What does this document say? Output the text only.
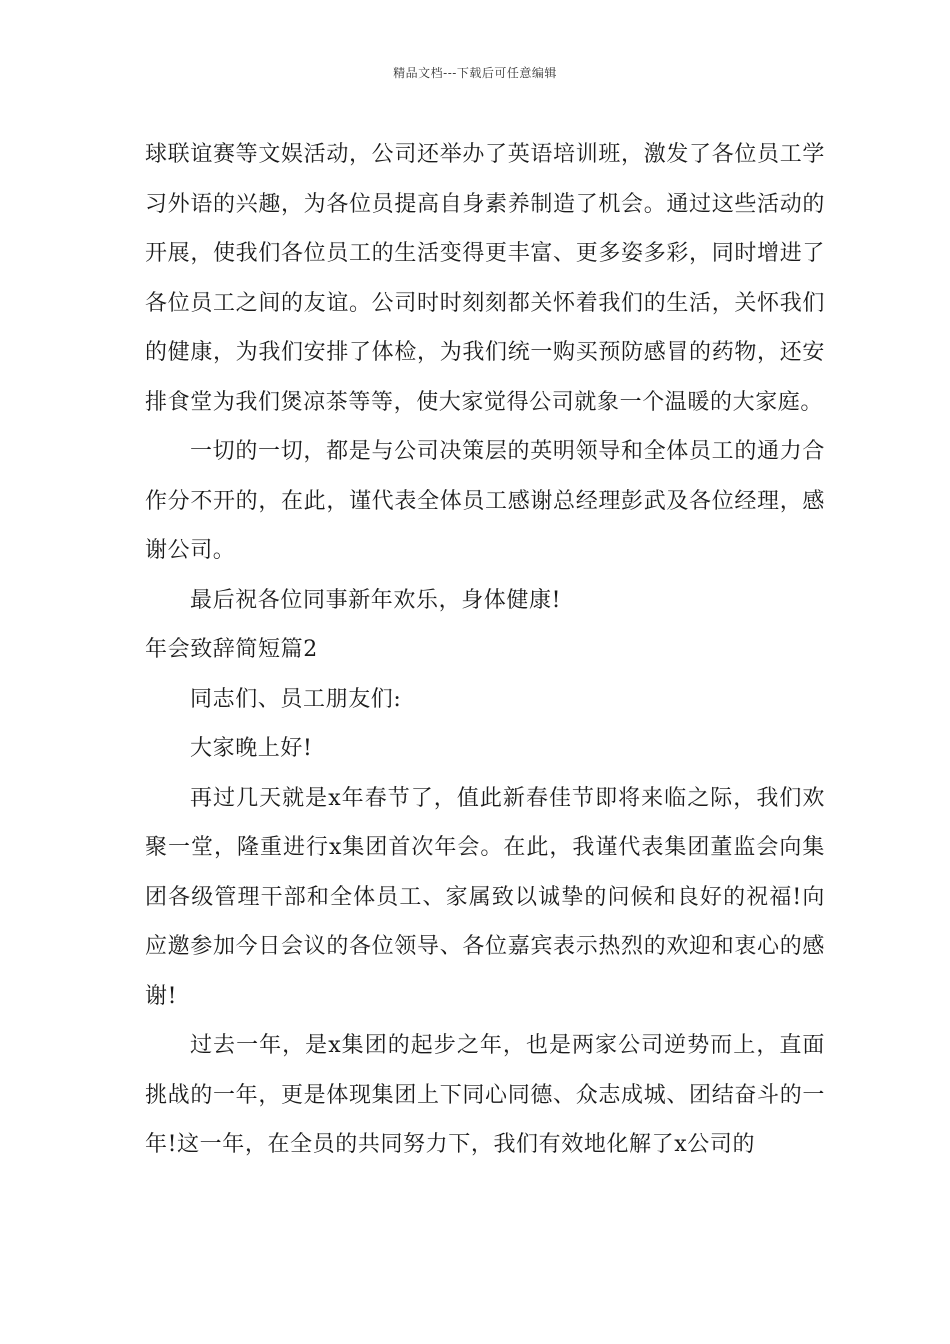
精品文档---下载后可任意编辑

球联谊赛等文娱活动，公司还举办了英语培训班，激发了各位员工学习外语的兴趣，为各位员提高自身素养制造了机会。通过这些活动的开展，使我们各位员工的生活变得更丰富、更多姿多彩，同时增进了各位员工之间的友谊。公司时时刻刻都关怀着我们的生活，关怀我们的健康，为我们安排了体检，为我们统一购买预防感冒的药物，还安排食堂为我们煲凉茶等等，使大家觉得公司就象一个温暖的大家庭。

一切的一切，都是与公司决策层的英明领导和全体员工的通力合作分不开的，在此，谨代表全体员工感谢总经理彭武及各位经理，感谢公司。

最后祝各位同事新年欢乐，身体健康!

年会致辞简短篇2

同志们、员工朋友们:

大家晚上好!

再过几天就是x年春节了，值此新春佳节即将来临之际，我们欢聚一堂，隆重进行x集团首次年会。在此，我谨代表集团董监会向集团各级管理干部和全体员工、家属致以诚挚的问候和良好的祝福!向应邀参加今日会议的各位领导、各位嘉宾表示热烈的欢迎和衷心的感谢!

过去一年，是x集团的起步之年，也是两家公司逆势而上，直面挑战的一年，更是体现集团上下同心同德、众志成城、团结奋斗的一年!这一年，在全员的共同努力下，我们有效地化解了x公司的
